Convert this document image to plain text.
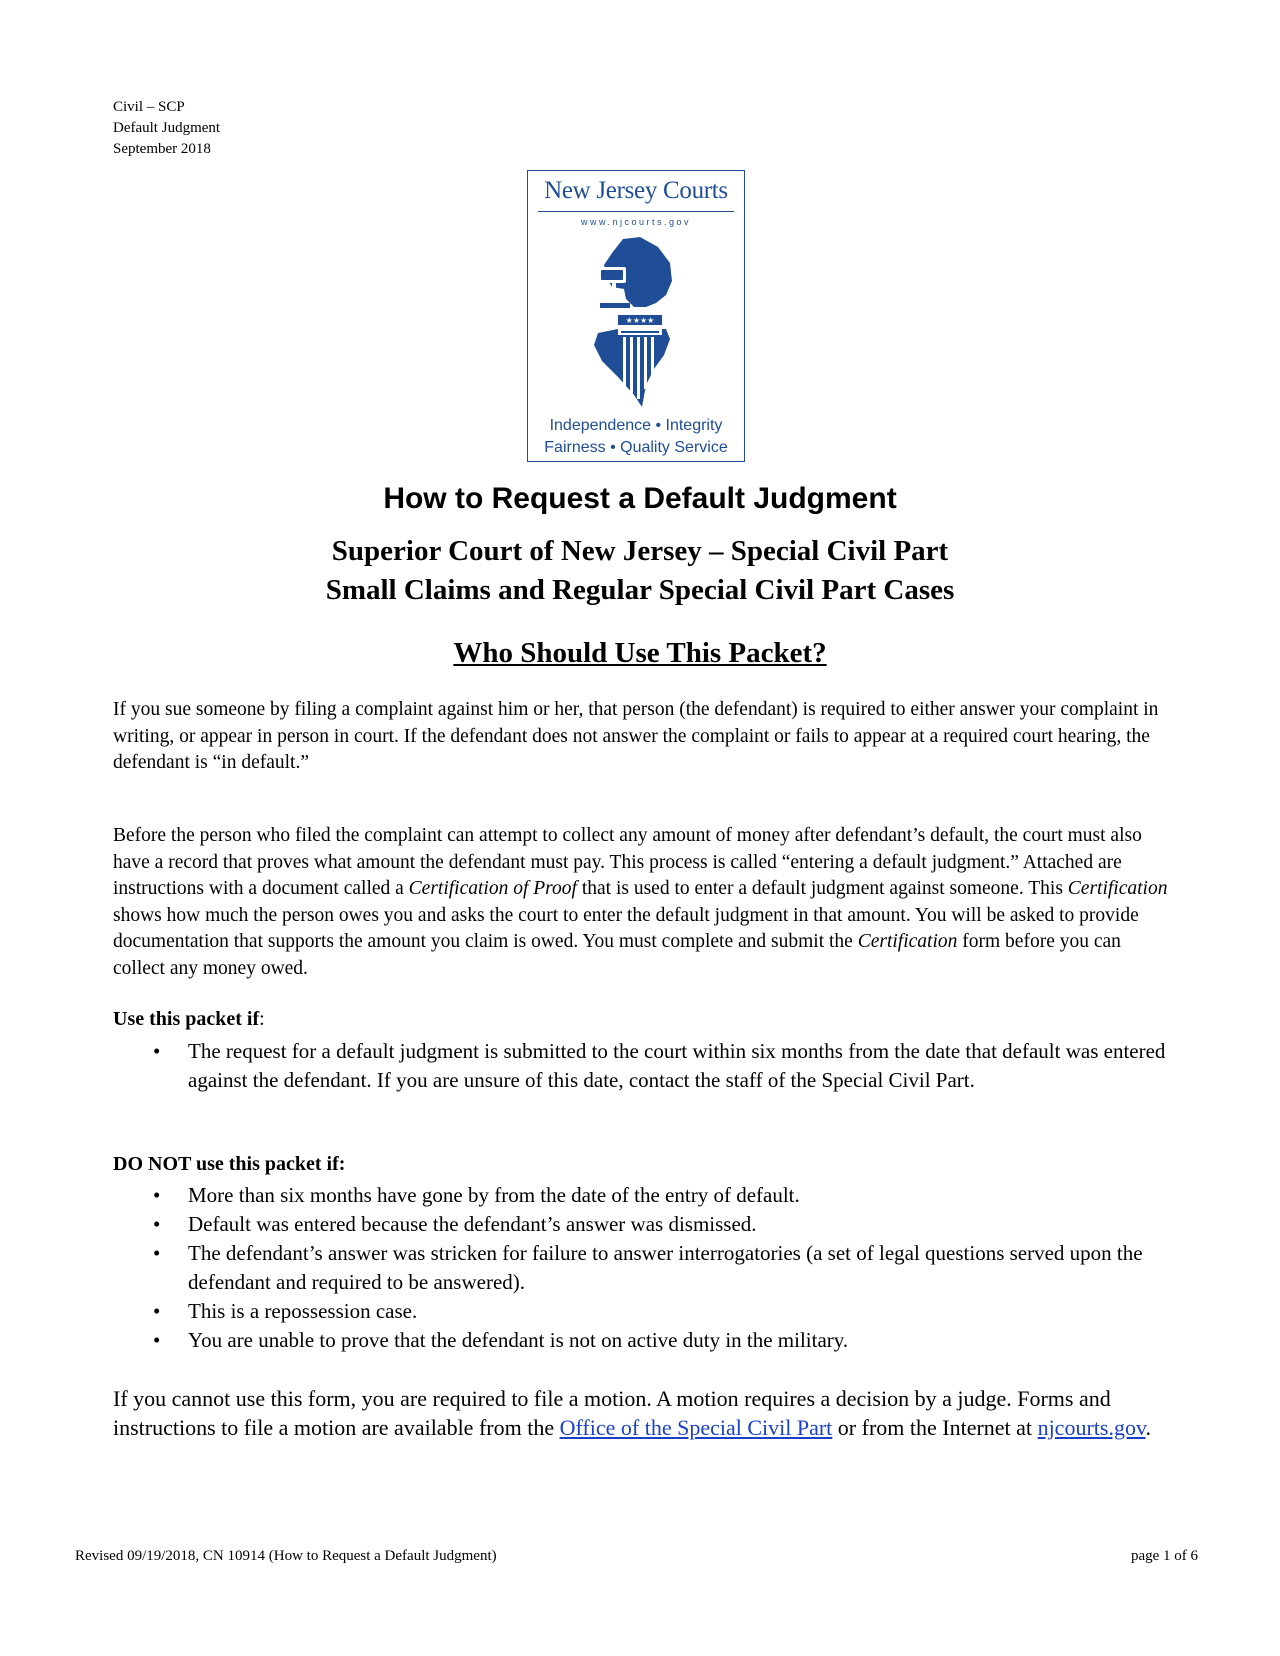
Civil – SCP
Default Judgment
September 2018
New Jersey Courts
www.njcourts.gov
★★★★
Independence • Integrity
Fairness • Quality Service
How to Request a Default Judgment
Superior Court of New Jersey – Special Civil Part
Small Claims and Regular Special Civil Part Cases
Who Should Use This Packet?

If you sue someone by filing a complaint against him or her, that person (the defendant) is required to either answer your complaint in writing, or appear in person in court. If the defendant does not answer the complaint or fails to appear at a required court hearing, the defendant is “in default.”

Before the person who filed the complaint can attempt to collect any amount of money after defendant’s default, the court must also have a record that proves what amount the defendant must pay. This process is called “entering a default judgment.” Attached are instructions with a document called a Certification of Proof that is used to enter a default judgment against someone. This Certification shows how much the person owes you and asks the court to enter the default judgment in that amount. You will be asked to provide documentation that supports the amount you claim is owed. You must complete and submit the Certification form before you can collect any money owed.

Use this packet if:
• The request for a default judgment is submitted to the court within six months from the date that default was entered against the defendant. If you are unsure of this date, contact the staff of the Special Civil Part.
DO NOT use this packet if:
• More than six months have gone by from the date of the entry of default.
• Default was entered because the defendant’s answer was dismissed.
• The defendant’s answer was stricken for failure to answer interrogatories (a set of legal questions served upon the defendant and required to be answered).
• This is a repossession case.
• You are unable to prove that the defendant is not on active duty in the military.

If you cannot use this form, you are required to file a motion. A motion requires a decision by a judge. Forms and instructions to file a motion are available from the Office of the Special Civil Part or from the Internet at njcourts.gov.

Revised 09/19/2018, CN 10914 (How to Request a Default Judgment)	page 1 of 6
